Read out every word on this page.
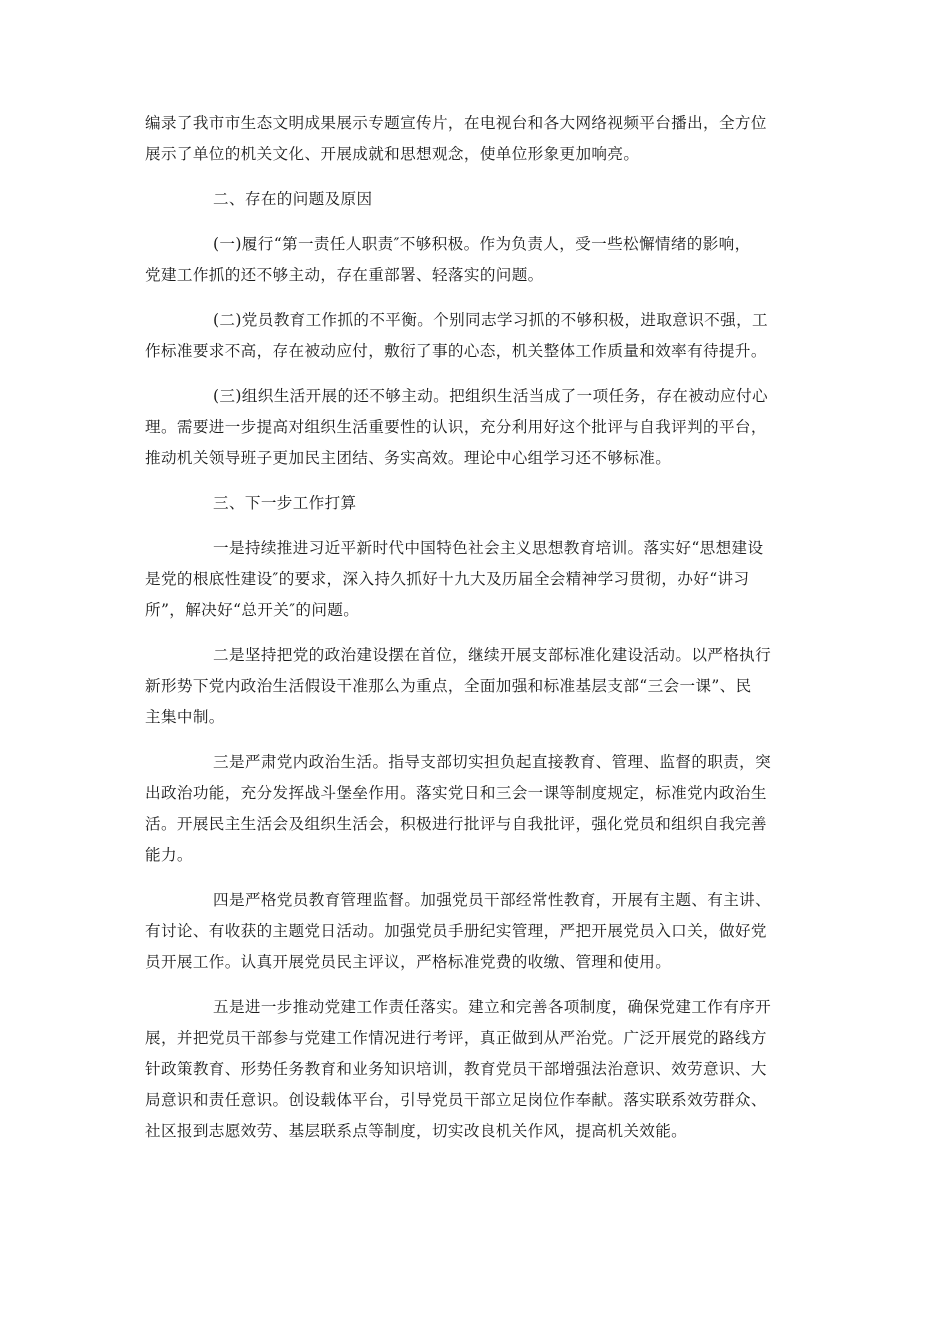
编录了我市市生态文明成果展示专题宣传片，在电视台和各大网络视频平台播出，全方位
展示了单位的机关文化、开展成就和思想观念，使单位形象更加响亮。

二、存在的问题及原因

(一)履行“第一责任人职责″不够积极。作为负责人，受一些松懈情绪的影响，
党建工作抓的还不够主动，存在重部署、轻落实的问题。

(二)党员教育工作抓的不平衡。个别同志学习抓的不够积极，进取意识不强，工
作标准要求不高，存在被动应付，敷衍了事的心态，机关整体工作质量和效率有待提升。

(三)组织生活开展的还不够主动。把组织生活当成了一项任务，存在被动应付心
理。需要进一步提高对组织生活重要性的认识，充分利用好这个批评与自我评判的平台，
推动机关领导班子更加民主团结、务实高效。理论中心组学习还不够标准。

三、下一步工作打算

一是持续推进习近平新时代中国特色社会主义思想教育培训。落实好“思想建设
是党的根底性建设″的要求，深入持久抓好十九大及历届全会精神学习贯彻，办好“讲习
所”，解决好“总开关″的问题。

二是坚持把党的政治建设摆在首位，继续开展支部标准化建设活动。以严格执行
新形势下党内政治生活假设干准那么为重点，全面加强和标准基层支部“三会一课”、民
主集中制。

三是严肃党内政治生活。指导支部切实担负起直接教育、管理、监督的职责，突
出政治功能，充分发挥战斗堡垒作用。落实党日和三会一课等制度规定，标准党内政治生
活。开展民主生活会及组织生活会，积极进行批评与自我批评，强化党员和组织自我完善
能力。

四是严格党员教育管理监督。加强党员干部经常性教育，开展有主题、有主讲、
有讨论、有收获的主题党日活动。加强党员手册纪实管理，严把开展党员入口关，做好党
员开展工作。认真开展党员民主评议，严格标准党费的收缴、管理和使用。

五是进一步推动党建工作责任落实。建立和完善各项制度，确保党建工作有序开
展，并把党员干部参与党建工作情况进行考评，真正做到从严治党。广泛开展党的路线方
针政策教育、形势任务教育和业务知识培训，教育党员干部增强法治意识、效劳意识、大
局意识和责任意识。创设载体平台，引导党员干部立足岗位作奉献。落实联系效劳群众、
社区报到志愿效劳、基层联系点等制度，切实改良机关作风，提高机关效能。
